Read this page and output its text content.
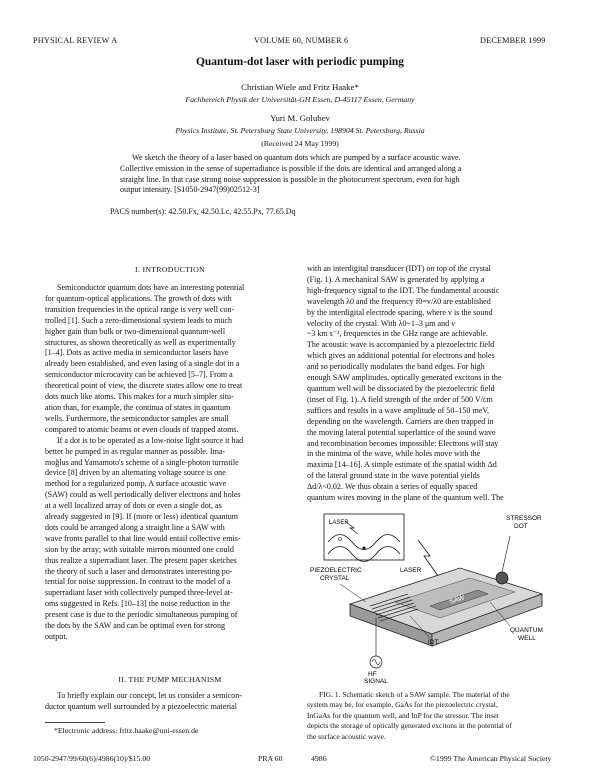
PHYSICAL REVIEW A	VOLUME 60, NUMBER 6	DECEMBER 1999
Quantum-dot laser with periodic pumping
Christian Wiele and Fritz Haake*
Fachbereich Physik der Universität-GH Essen, D-45117 Essen, Germany
Yuri M. Golubev
Physics Institute, St. Petersburg State University, 198904 St. Petersburg, Russia
(Received 24 May 1999)
We sketch the theory of a laser based on quantum dots which are pumped by a surface acoustic wave.
Collective emission in the sense of superradiance is possible if the dots are identical and arranged along a
straight line. In that case strong noise suppression is possible in the photocurrent spectrum, even for high
output intensity. [S1050-2947(99)02512-3]
PACS number(s): 42.50.Fx, 42.50.Lc, 42.55.Px, 77.65.Dq
I. INTRODUCTION
Semiconductor quantum dots have an interesting potential
for quantum-optical applications. The growth of dots with
transition frequencies in the optical range is very well con-
trolled [1]. Such a zero-dimensional system leads to much
higher gain than bulk or two-dimensional quantum-well
structures, as shown theoretically as well as experimentally
[1–4]. Dots as active media in semiconductor lasers have
already been established, and even lasing of a single dot in a
semiconductor microcavity can be achieved [5–7]. From a
theoretical point of view, the discrete states allow one to treat
dots much like atoms. This makes for a much simpler situ-
ation than, for example, the continua of states in quantum
wells. Furthermore, the semiconductor samples are small
compared to atomic beams or even clouds of trapped atoms.
If a dot is to be operated as a low-noise light source it had
better be pumped in as regular manner as possible. Ima-
moğlus and Yamamoto's scheme of a single-photon turnstile
device [8] driven by an alternating voltage source is one
method for a regularized pump. A surface acoustic wave
(SAW) could as well periodically deliver electrons and holes
at a well localized array of dots or even a single dot, as
already suggested in [9]. If (more or less) identical quantum
dots could be arranged along a straight line a SAW with
wave fronts parallel to that line would entail collective emis-
sion by the array; with suitable mirrors mounted one could
thus realize a superradiant laser. The present paper sketches
the theory of such a laser and demonstrates interesting po-
tential for noise suppression. In contrast to the model of a
superradiant laser with collectively pumped three-level at-
oms suggested in Refs. [10–13] the noise reduction in the
present case is due to the periodic simultaneous pumping of
the dots by the SAW and can be optimal even for strong
output.
II. THE PUMP MECHANISM
To briefly explain our concept, let us consider a semicon-
ductor quantum well surrounded by a piezoelectric material
*Electronic address: fritz.haake@uni-essen.de
with an interdigital transducer (IDT) on top of the crystal
(Fig. 1). A mechanical SAW is generated by applying a
high-frequency signal to the IDT. The fundamental acoustic
wavelength λ0 and the frequency f0=v/λ0 are established
by the interdigital electrode spacing, where v is the sound
velocity of the crystal. With λ0~1–3 μm and v
~3 km s⁻¹, frequencies in the GHz range are achievable.
The acoustic wave is accompanied by a piezoelectric field
which gives an additional potential for electrons and holes
and so periodically modulates the band edges. For high
enough SAW amplitudes, optically generated excitons in the
quantum well will be dissociated by the piezoelectric field
(inset of Fig. 1). A field strength of the order of 500 V/cm
suffices and results in a wave amplitude of 50–150 meV,
depending on the wavelength. Carriers are then trapped in
the moving lateral potential superlattice of the sound wave
and recombination becomes impossible: Electrons will stay
in the minima of the wave, while holes move with the
maxima [14–16]. A simple estimate of the spatial width Δd
of the lateral ground state in the wave potential yields
Δd/λ<0.02. We thus obtain a series of equally spaced
quantum wires moving in the plane of the quantum well. The
LASER
SAW
STRESSOR
DOT
LASER
PIEZOELECTRIC
CRYSTAL
IDT
QUANTUM
WELL
HF
SIGNAL
FIG. 1. Schematic sketch of a SAW sample. The material of the
system may be, for example, GaAs for the piezoelectric crystal,
InGaAs for the quantum well, and InP for the stressor. The inset
depicts the storage of optically generated excitons in the potential of
the surface acoustic wave.
1050-2947/99/60(6)/4986(10)/$15.00	PRA 60	4986	©1999 The American Physical Society
